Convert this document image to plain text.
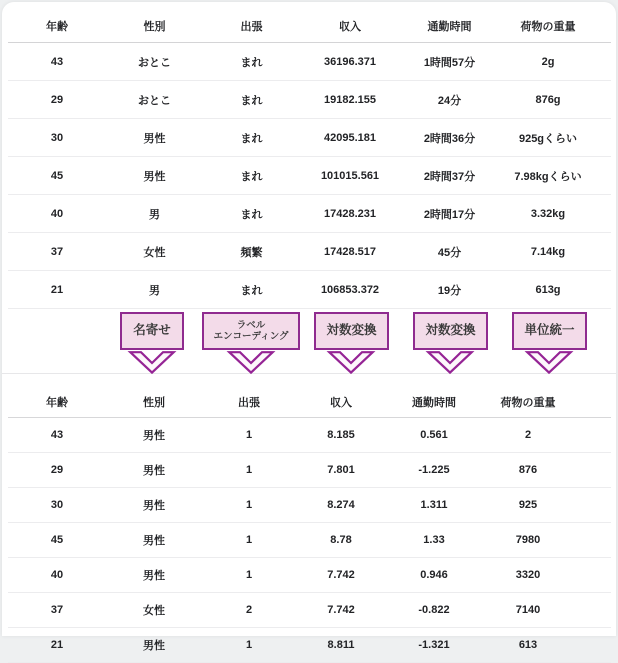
年齢	性別	出張	収入	通勤時間	荷物の重量	
43	おとこ	まれ	36196.371	1時間57分	2g	
29	おとこ	まれ	19182.155	24分	876g	
30	男性	まれ	42095.181	2時間36分	925gくらい	
45	男性	まれ	101015.561	2時間37分	7.98kgくらい	
40	男	まれ	17428.231	2時間17分	3.32kg	
37	女性	頻繁	17428.517	45分	7.14kg	
21	男	まれ	106853.372	19分	613g	
名寄せ	ラベル
エンコーディング	対数変換	対数変換	単位統一
年齢	性別	出張	収入	通勤時間	荷物の重量	
43	男性	1	8.185	0.561	2	
29	男性	1	7.801	-1.225	876	
30	男性	1	8.274	1.311	925	
45	男性	1	8.78	1.33	7980	
40	男性	1	7.742	0.946	3320	
37	女性	2	7.742	-0.822	7140	
21	男性	1	8.811	-1.321	613	
